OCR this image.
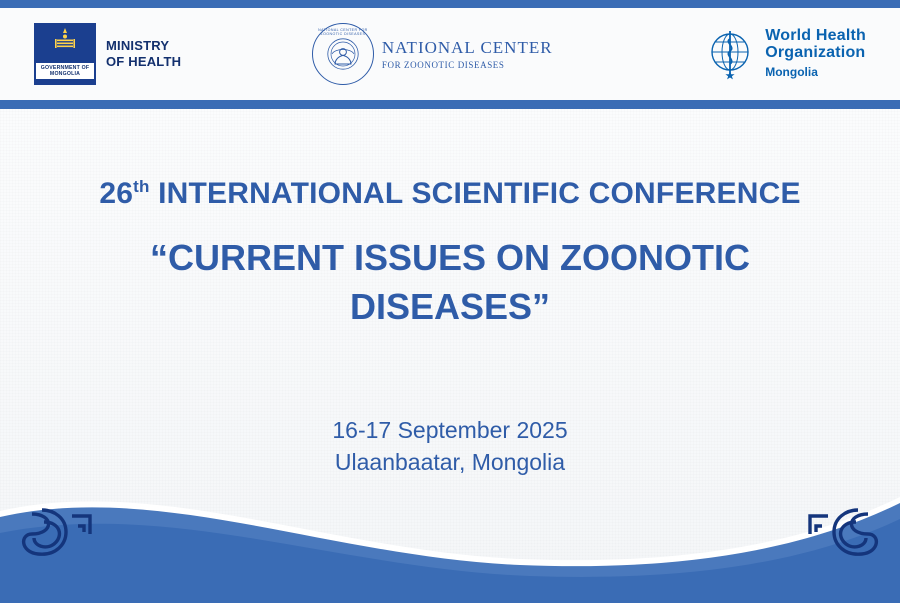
GOVERNMENT OF
MONGOLIA
MINISTRY
OF HEALTH
NATIONAL CENTER FOR ZOONOTIC DISEASES
NATIONAL CENTER
FOR ZOONOTIC DISEASES
World Health
Organization
Mongolia
26th INTERNATIONAL SCIENTIFIC CONFERENCE
“CURRENT ISSUES ON ZOONOTIC DISEASES”
16-17 September 2025
Ulaanbaatar, Mongolia
